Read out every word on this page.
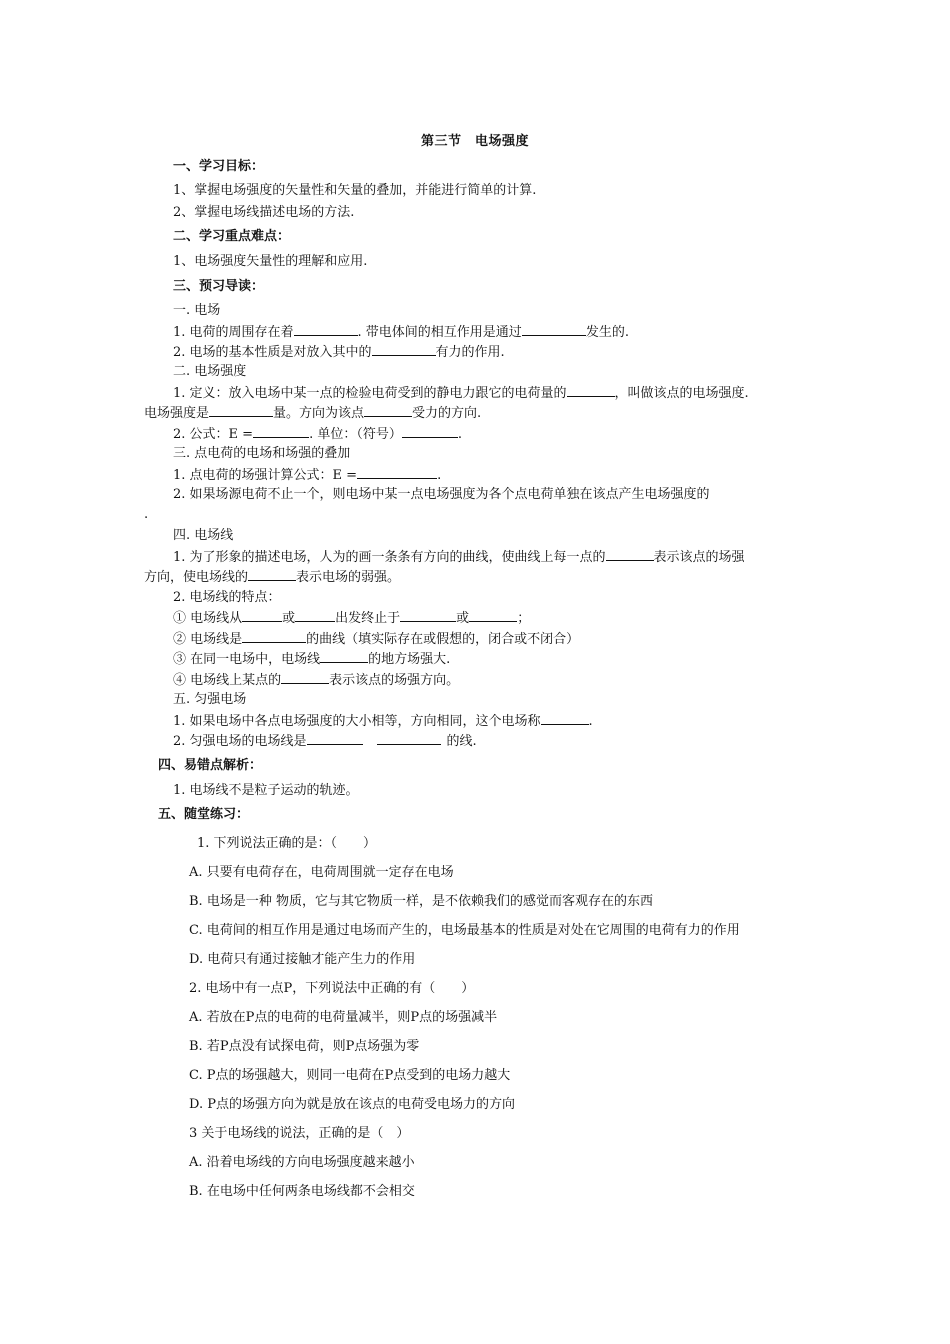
第三节　电场强度
一、学习目标：
1、掌握电场强度的矢量性和矢量的叠加，并能进行简单的计算.
2、掌握电场线描述电场的方法.
二、学习重点难点：
1、电场强度矢量性的理解和应用.
三、预习导读：
一. 电场
1. 电荷的周围存在着	. 带电体间的相互作用是通过	发生的.
2. 电场的基本性质是对放入其中的	有力的作用.
二. 电场强度
1. 定义：放入电场中某一点的检验电荷受到的静电力跟它的电荷量的	，叫做该点的电场强度.
电场强度是	量。方向为该点	受力的方向.
2. 公式：E =	. 单位：（符号）	.
三. 点电荷的电场和场强的叠加
1. 点电荷的场强计算公式：E =	.
2. 如果场源电荷不止一个，则电场中某一点电场强度为各个点电荷单独在该点产生电场强度的
.
四. 电场线
1. 为了形象的描述电场，人为的画一条条有方向的曲线，使曲线上每一点的	表示该点的场强
方向，使电场线的	表示电场的弱强。
2. 电场线的特点：
① 电场线从	或	出发终止于	或	；
② 电场线是	的曲线（填实际存在或假想的，闭合或不闭合）
③ 在同一电场中，电场线	的地方场强大.
④ 电场线上某点的	表示该点的场强方向。
五. 匀强电场
1. 如果电场中各点电场强度的大小相等，方向相同，这个电场称	.
2. 匀强电场的电场线是	的线.
四、易错点解析：
1. 电场线不是粒子运动的轨迹。
五、随堂练习：
1. 下列说法正确的是：（　　）
A. 只要有电荷存在，电荷周围就一定存在电场
B. 电场是一种 物质，它与其它物质一样，是不依赖我们的感觉而客观存在的东西
C. 电荷间的相互作用是通过电场而产生的，电场最基本的性质是对处在它周围的电荷有力的作用
D. 电荷只有通过接触才能产生力的作用
2. 电场中有一点P，下列说法中正确的有（　　）
A. 若放在P点的电荷的电荷量减半，则P点的场强减半
B. 若P点没有试探电荷，则P点场强为零
C. P点的场强越大，则同一电荷在P点受到的电场力越大
D. P点的场强方向为就是放在该点的电荷受电场力的方向
3 关于电场线的说法，正确的是（　）
A. 沿着电场线的方向电场强度越来越小
B. 在电场中任何两条电场线都不会相交
